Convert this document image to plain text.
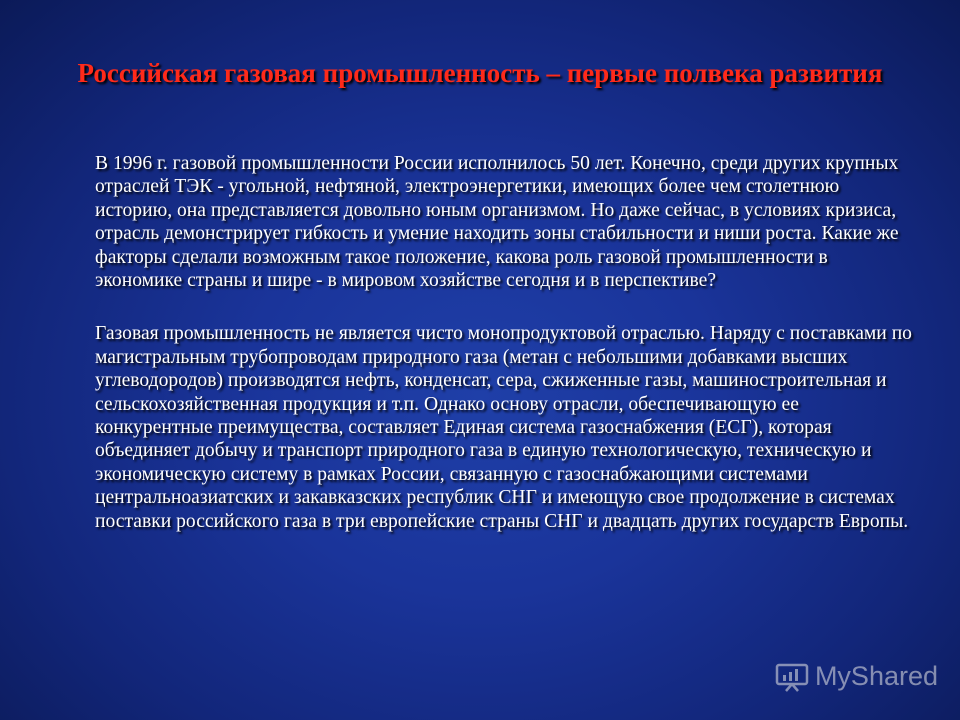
Российская газовая промышленность – первые полвека развития

В 1996 г. газовой промышленности России исполнилось 50 лет. Конечно, среди других крупных отраслей ТЭК - угольной, нефтяной, электроэнергетики, имеющих более чем столетнюю историю, она представляется довольно юным организмом. Но даже сейчас, в условиях кризиса, отрасль демонстрирует гибкость и умение находить зоны стабильности и ниши роста. Какие же факторы сделали возможным такое положение, какова роль газовой промышленности в экономике страны и шире - в мировом хозяйстве сегодня и в перспективе?

Газовая промышленность не является чисто монопродуктовой отраслью. Наряду с поставками по магистральным трубопроводам природного газа (метан с небольшими добавками высших углеводородов) производятся нефть, конденсат, сера, сжиженные газы, машиностроительная и сельскохозяйственная продукция и т.п. Однако основу отрасли, обеспечивающую ее конкурентные преимущества, составляет Единая система газоснабжения (ЕСГ), которая объединяет добычу и транспорт природного газа в единую технологическую, техническую и экономическую систему в рамках России, связанную с газоснабжающими системами центральноазиатских и закавказских республик СНГ и имеющую свое продолжение в системах поставки российского газа в три европейские страны СНГ и двадцать других государств Европы.

MyShared
